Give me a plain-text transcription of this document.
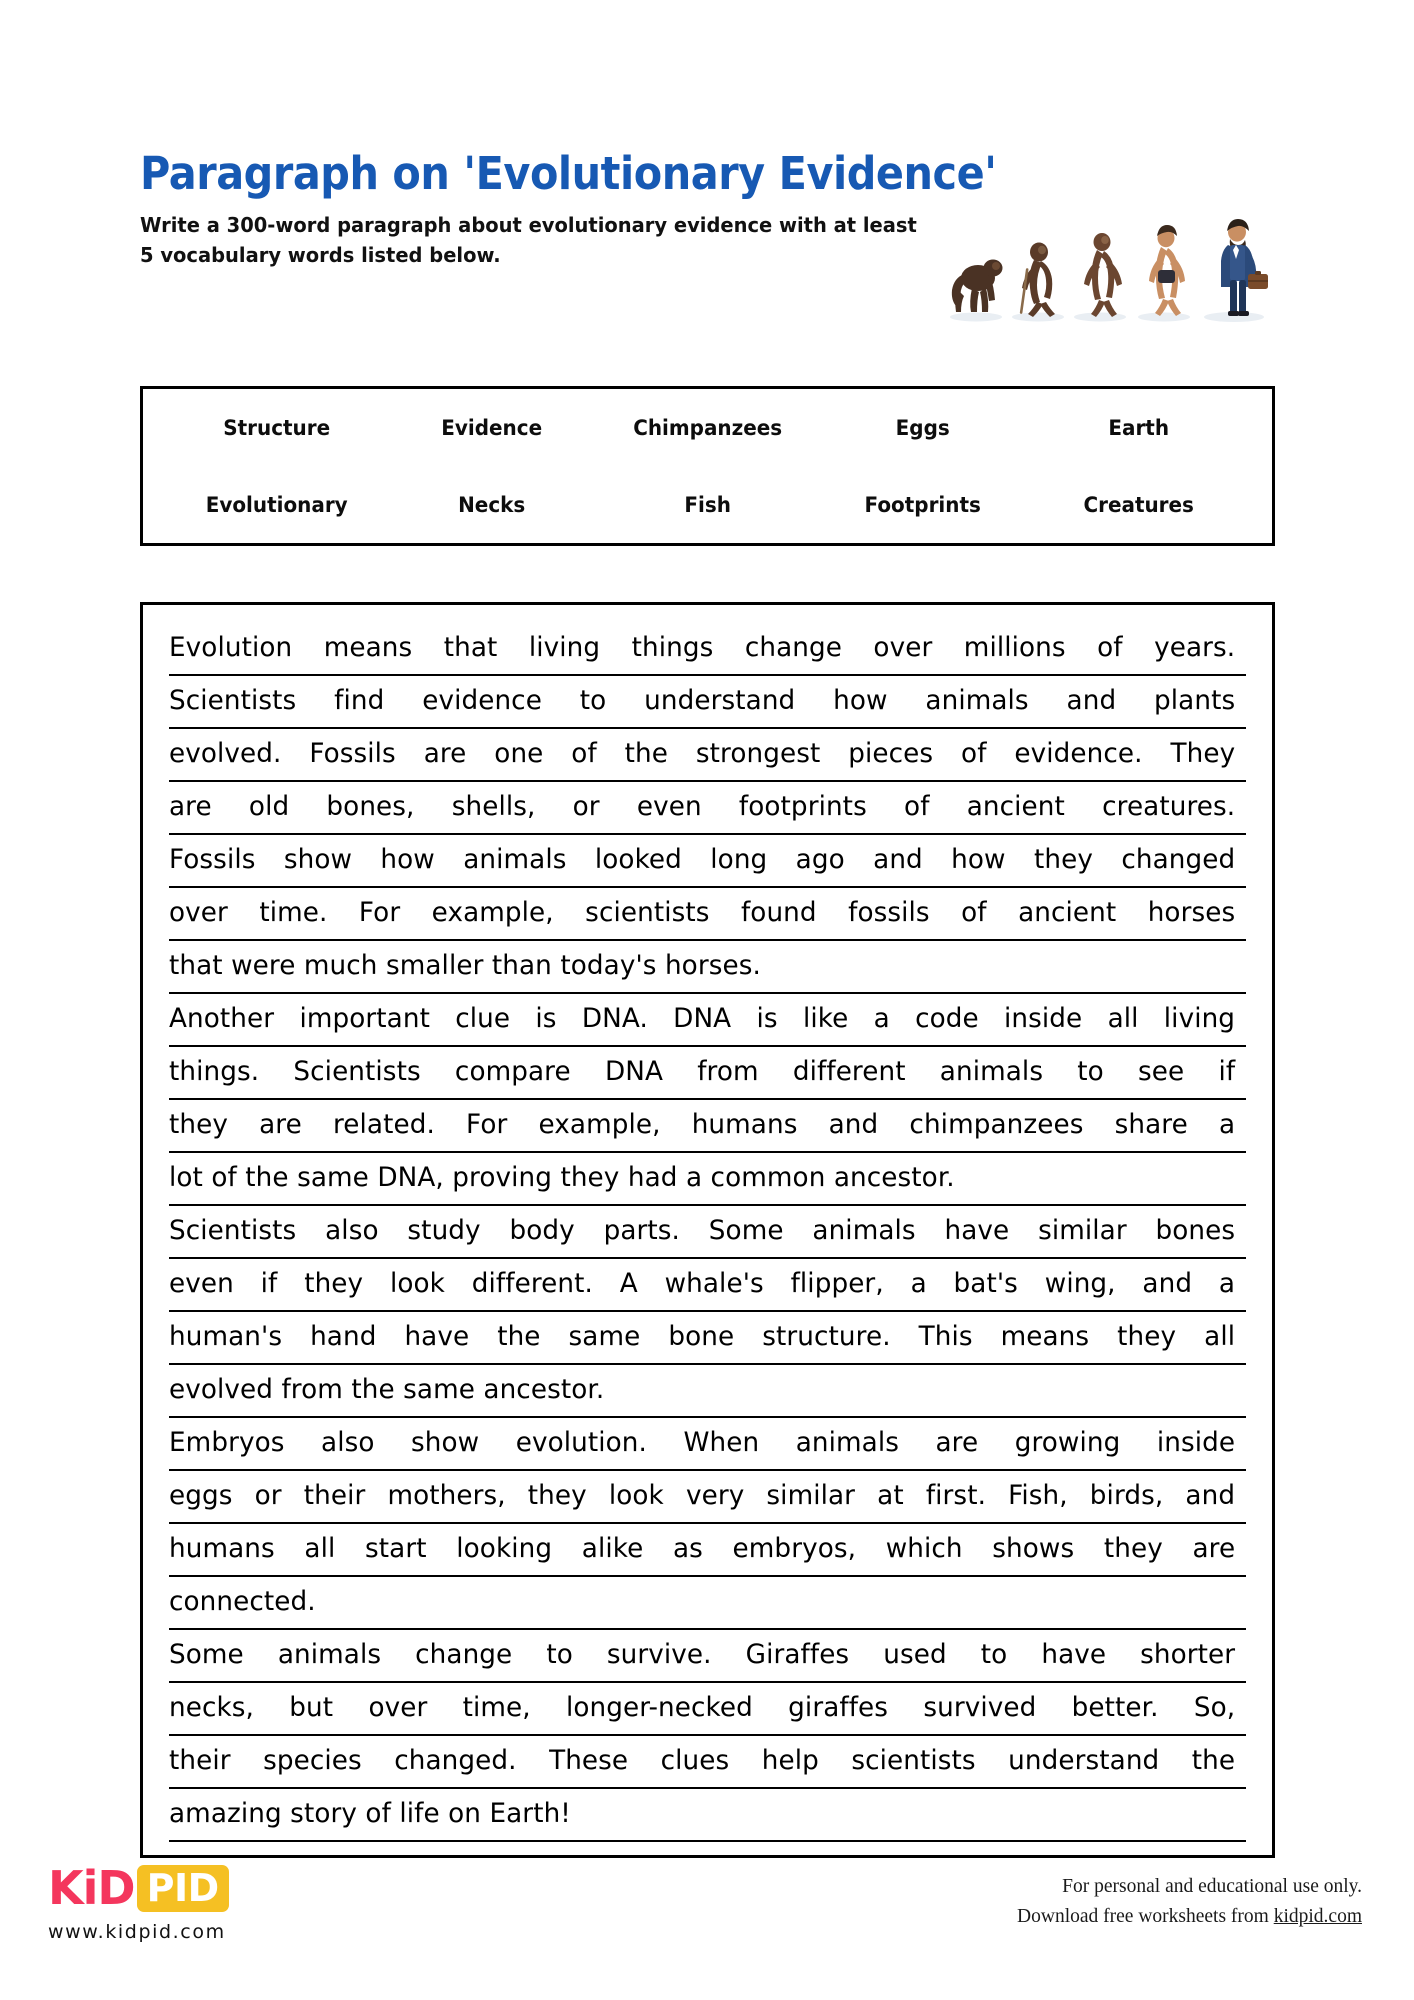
Paragraph on 'Evolutionary Evidence'
Write a 300-word paragraph about evolutionary evidence with at least
5 vocabulary words listed below.
Structure	Evidence	Chimpanzees	Eggs	Earth
Evolutionary	Necks	Fish	Footprints	Creatures
Evolution means that living things change over millions of years.
Scientists find evidence to understand how animals and plants
evolved. Fossils are one of the strongest pieces of evidence. They
are old bones, shells, or even footprints of ancient creatures.
Fossils show how animals looked long ago and how they changed
over time. For example, scientists found fossils of ancient horses
that were much smaller than today's horses.
Another important clue is DNA. DNA is like a code inside all living
things. Scientists compare DNA from different animals to see if
they are related. For example, humans and chimpanzees share a
lot of the same DNA, proving they had a common ancestor.
Scientists also study body parts. Some animals have similar bones
even if they look different. A whale's flipper, a bat's wing, and a
human's hand have the same bone structure. This means they all
evolved from the same ancestor.
Embryos also show evolution. When animals are growing inside
eggs or their mothers, they look very similar at first. Fish, birds, and
humans all start looking alike as embryos, which shows they are
connected.
Some animals change to survive. Giraffes used to have shorter
necks, but over time, longer-necked giraffes survived better. So,
their species changed. These clues help scientists understand the
amazing story of life on Earth!
KiD PID
www.kidpid.com
For personal and educational use only.
Download free worksheets from kidpid.com
